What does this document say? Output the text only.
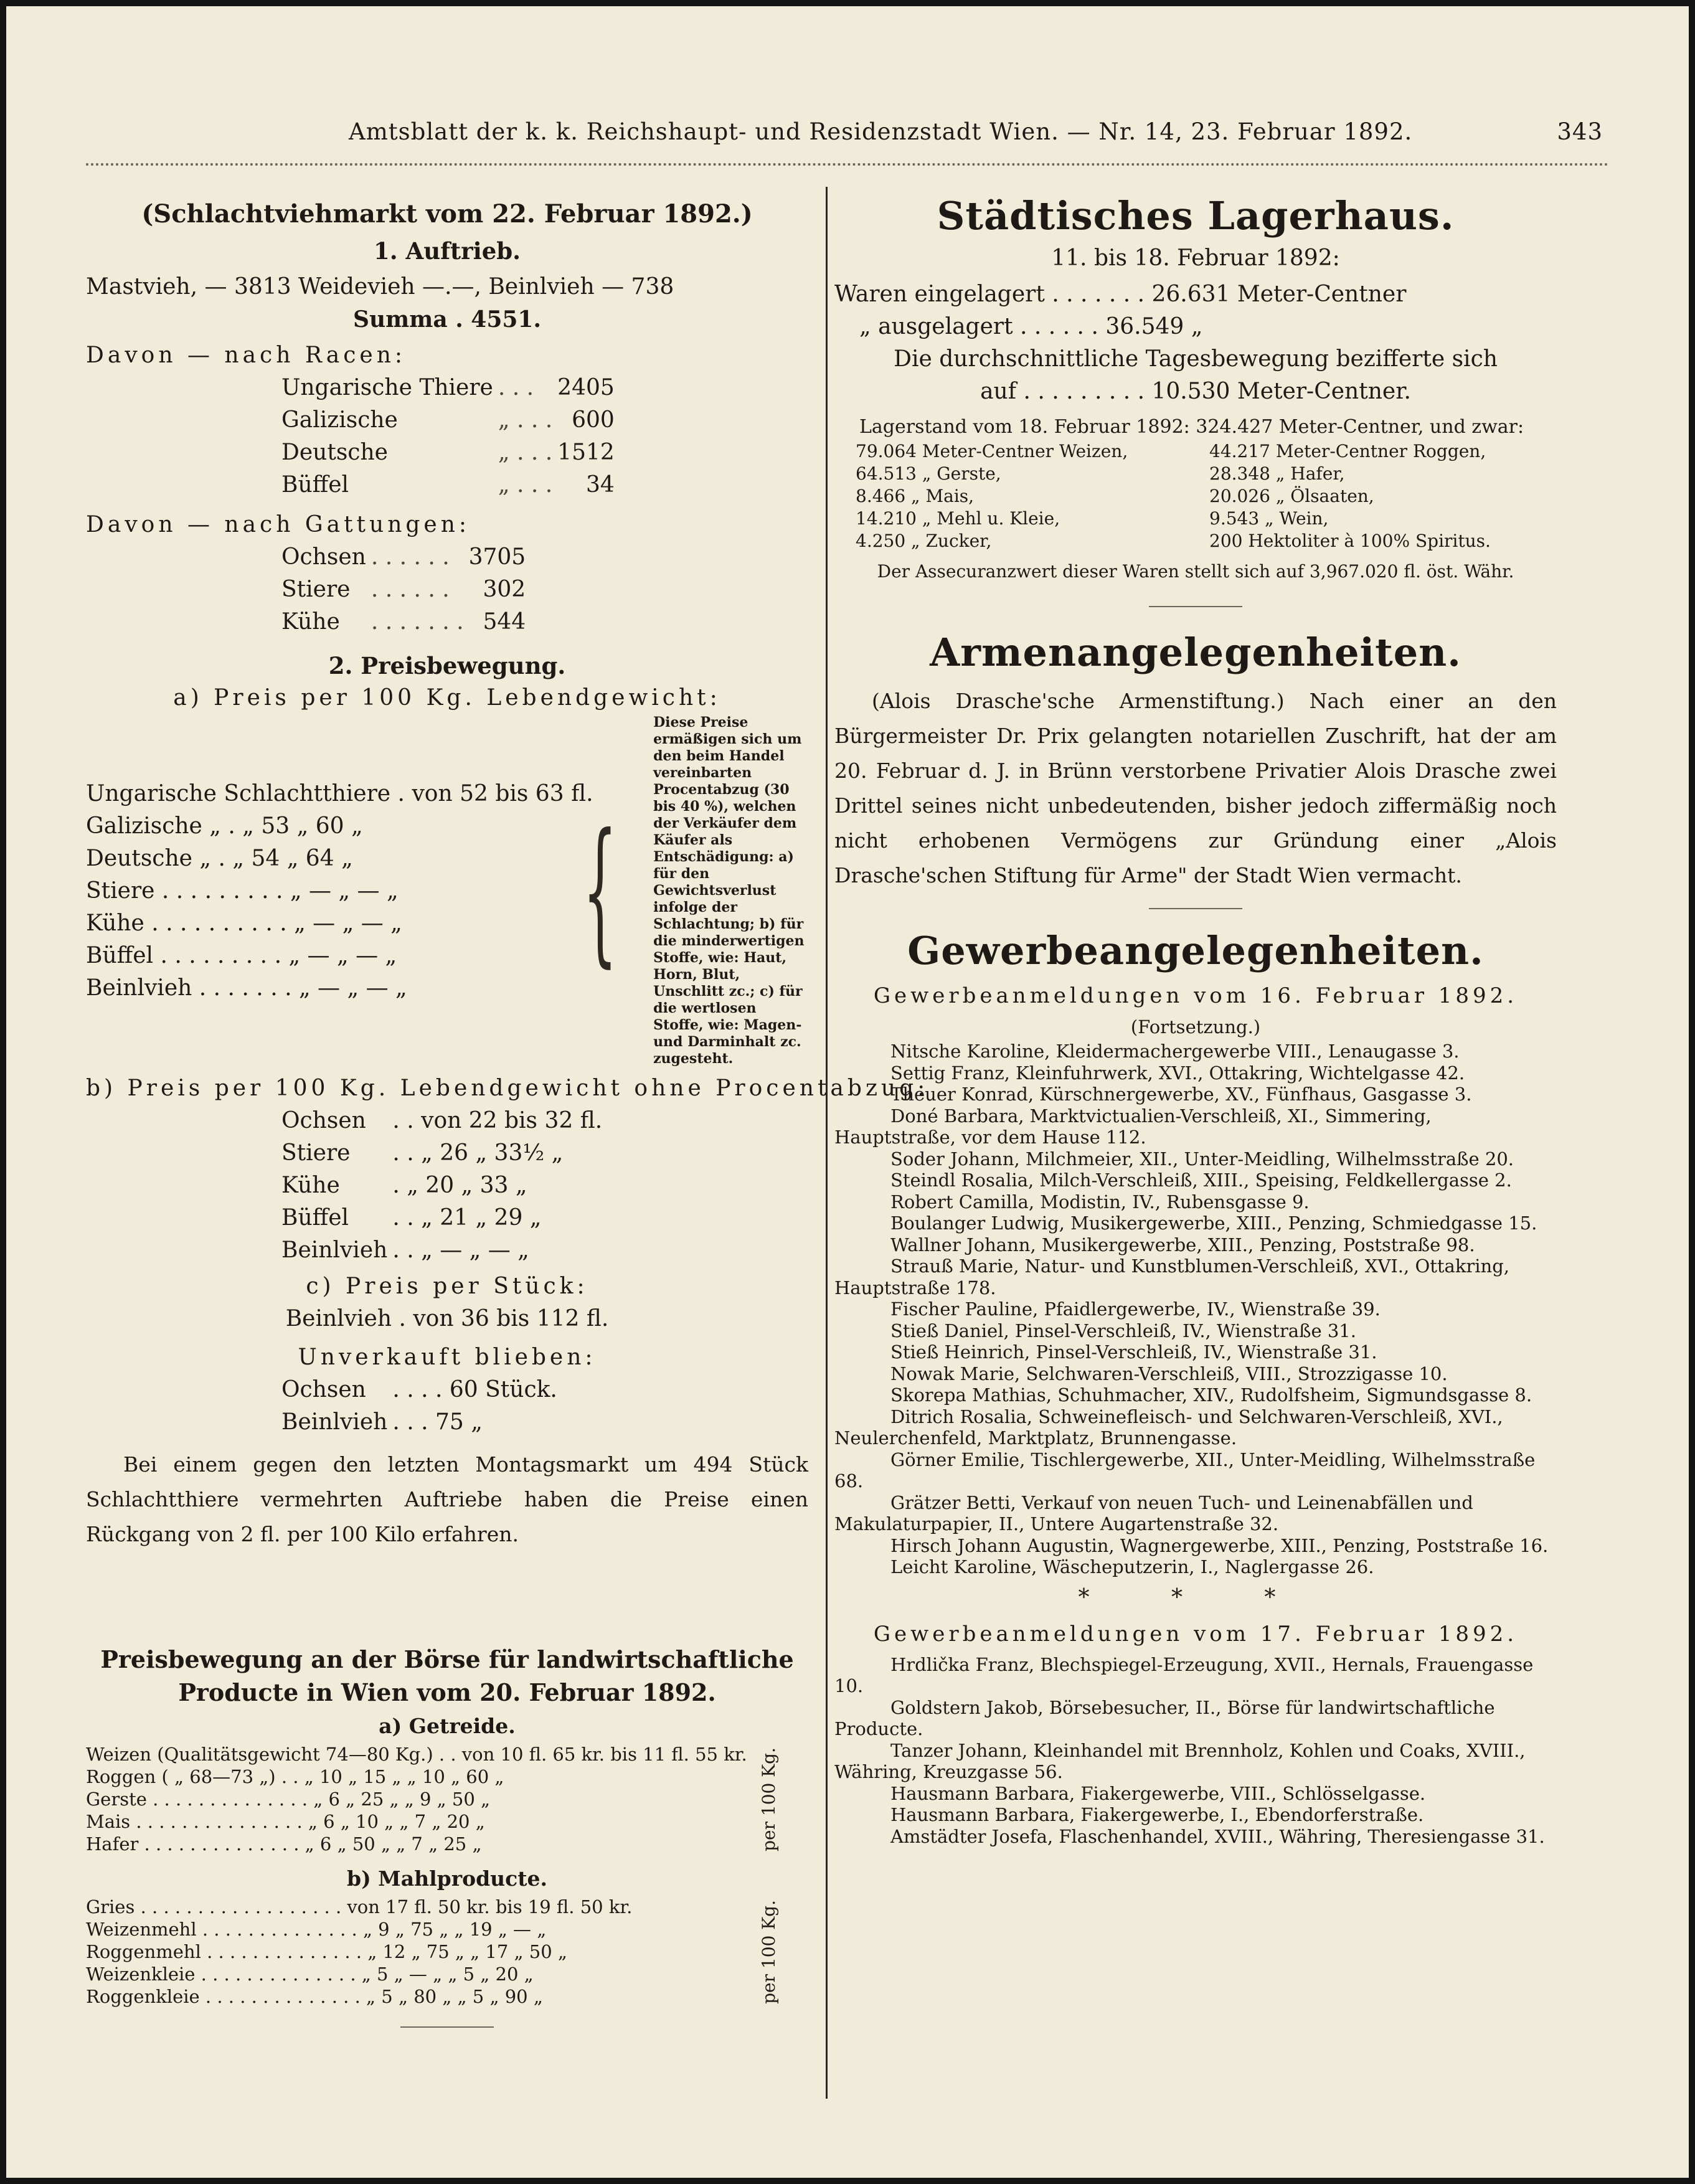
Amtsblatt der k. k. Reichshaupt- und Residenzstadt Wien. — Nr. 14, 23. Februar 1892.	343
(Schlachtviehmarkt vom 22. Februar 1892.)
1. Auftrieb.
Mastvieh, — 3813 Weidevieh —.—, Beinlvieh — 738
Summa . 4551.
Davon — nach Racen:
Ungarische Thiere	. . .	2405
Galizische	„ . . .	600
Deutsche	„ . . .	1512
Büffel	„ . . .	34
Davon — nach Gattungen:
Ochsen	. . . . . .	3705
Stiere	. . . . . .	302
Kühe	. . . . . . .	544
2. Preisbewegung.
a) Preis per 100 Kg. Lebendgewicht:
Ungarische Schlachtthiere . von 52 bis 63 fl.
Galizische „ . „ 53 „ 60 „
Deutsche „ . „ 54 „ 64 „
Stiere . . . . . . . . . „ — „ — „
Kühe . . . . . . . . . . „ — „ — „
Büffel . . . . . . . . . „ — „ — „
Beinlvieh . . . . . . . „ — „ — „
{
Diese Preise ermäßigen sich um den beim Handel vereinbarten Procentabzug (30 bis 40 %), welchen der Verkäufer dem Käufer als Entschädigung: a) für den Gewichtsverlust infolge der Schlachtung; b) für die minderwertigen Stoffe, wie: Haut, Horn, Blut, Unschlitt zc.; c) für die wertlosen Stoffe, wie: Magen- und Darminhalt zc. zugesteht.
b) Preis per 100 Kg. Lebendgewicht ohne Procentabzug:
Ochsen	. . von 22 bis 32 fl.
Stiere	. . „ 26 „ 33½ „
Kühe	. „ 20 „ 33 „
Büffel	. . „ 21 „ 29 „
Beinlvieh	. . „ — „ — „
c) Preis per Stück:
Beinlvieh . von 36 bis 112 fl.
Unverkauft blieben:
Ochsen	. . . . 60 Stück.
Beinlvieh	. . . 75 „
Bei einem gegen den letzten Montagsmarkt um 494 Stück Schlachtthiere vermehrten Auftriebe haben die Preise einen Rückgang von 2 fl. per 100 Kilo erfahren.
Preisbewegung an der Börse für landwirtschaftliche
Producte in Wien vom 20. Februar 1892.
a) Getreide.
Weizen (Qualitätsgewicht 74—80 Kg.) . . von 10 fl. 65 kr. bis 11 fl. 55 kr.
Roggen ( „ 68—73 „) . . „ 10 „ 15 „ „ 10 „ 60 „
Gerste . . . . . . . . . . . . . . „ 6 „ 25 „ „ 9 „ 50 „
Mais . . . . . . . . . . . . . . . „ 6 „ 10 „ „ 7 „ 20 „
Hafer . . . . . . . . . . . . . . „ 6 „ 50 „ „ 7 „ 25 „	per 100 Kg.
b) Mahlproducte.
Gries . . . . . . . . . . . . . . . . . . von 17 fl. 50 kr. bis 19 fl. 50 kr.
Weizenmehl . . . . . . . . . . . . . . „ 9 „ 75 „ „ 19 „ — „
Roggenmehl . . . . . . . . . . . . . . „ 12 „ 75 „ „ 17 „ 50 „
Weizenkleie . . . . . . . . . . . . . . „ 5 „ — „ „ 5 „ 20 „
Roggenkleie . . . . . . . . . . . . . . „ 5 „ 80 „ „ 5 „ 90 „	per 100 Kg.
Städtisches Lagerhaus.
11. bis 18. Februar 1892:
Waren eingelagert . . . . . . . 26.631 Meter-Centner
„ ausgelagert . . . . . . 36.549 „
Die durchschnittliche Tagesbewegung bezifferte sich
auf . . . . . . . . . 10.530 Meter-Centner.
Lagerstand vom 18. Februar 1892: 324.427 Meter-Centner, und zwar:
79.064 Meter-Centner Weizen,	44.217 Meter-Centner Roggen,
64.513 „ Gerste,	28.348 „ Hafer,
8.466 „ Mais,	20.026 „ Ölsaaten,
14.210 „ Mehl u. Kleie,	9.543 „ Wein,
4.250 „ Zucker,	200 Hektoliter à 100% Spiritus.
Der Assecuranzwert dieser Waren stellt sich auf 3,967.020 fl. öst. Währ.
Armenangelegenheiten.
(Alois Drasche'sche Armenstiftung.) Nach einer an den Bürgermeister Dr. Prix gelangten notariellen Zuschrift, hat der am 20. Februar d. J. in Brünn verstorbene Privatier Alois Drasche zwei Drittel seines nicht unbedeutenden, bisher jedoch ziffermäßig noch nicht erhobenen Vermögens zur Gründung einer „Alois Drasche'schen Stiftung für Arme" der Stadt Wien vermacht.
Gewerbeangelegenheiten.
Gewerbeanmeldungen vom 16. Februar 1892.
(Fortsetzung.)
Nitsche Karoline, Kleidermachergewerbe VIII., Lenaugasse 3.
Settig Franz, Kleinfuhrwerk, XVI., Ottakring, Wichtelgasse 42.
Theuer Konrad, Kürschnergewerbe, XV., Fünfhaus, Gasgasse 3.
Doné Barbara, Marktvictualien-Verschleiß, XI., Simmering, Hauptstraße, vor dem Hause 112.
Soder Johann, Milchmeier, XII., Unter-Meidling, Wilhelmsstraße 20.
Steindl Rosalia, Milch-Verschleiß, XIII., Speising, Feldkellergasse 2.
Robert Camilla, Modistin, IV., Rubensgasse 9.
Boulanger Ludwig, Musikergewerbe, XIII., Penzing, Schmiedgasse 15.
Wallner Johann, Musikergewerbe, XIII., Penzing, Poststraße 98.
Strauß Marie, Natur- und Kunstblumen-Verschleiß, XVI., Ottakring, Hauptstraße 178.
Fischer Pauline, Pfaidlergewerbe, IV., Wienstraße 39.
Stieß Daniel, Pinsel-Verschleiß, IV., Wienstraße 31.
Stieß Heinrich, Pinsel-Verschleiß, IV., Wienstraße 31.
Nowak Marie, Selchwaren-Verschleiß, VIII., Strozzigasse 10.
Skorepa Mathias, Schuhmacher, XIV., Rudolfsheim, Sigmundsgasse 8.
Ditrich Rosalia, Schweinefleisch- und Selchwaren-Verschleiß, XVI., Neulerchenfeld, Marktplatz, Brunnengasse.
Görner Emilie, Tischlergewerbe, XII., Unter-Meidling, Wilhelmsstraße 68.
Grätzer Betti, Verkauf von neuen Tuch- und Leinenabfällen und Makulaturpapier, II., Untere Augartenstraße 32.
Hirsch Johann Augustin, Wagnergewerbe, XIII., Penzing, Poststraße 16.
Leicht Karoline, Wäscheputzerin, I., Naglergasse 26.
* * *
Gewerbeanmeldungen vom 17. Februar 1892.
Hrdlička Franz, Blechspiegel-Erzeugung, XVII., Hernals, Frauengasse 10.
Goldstern Jakob, Börsebesucher, II., Börse für landwirtschaftliche Producte.
Tanzer Johann, Kleinhandel mit Brennholz, Kohlen und Coaks, XVIII., Währing, Kreuzgasse 56.
Hausmann Barbara, Fiakergewerbe, VIII., Schlösselgasse.
Hausmann Barbara, Fiakergewerbe, I., Ebendorferstraße.
Amstädter Josefa, Flaschenhandel, XVIII., Währing, Theresiengasse 31.
